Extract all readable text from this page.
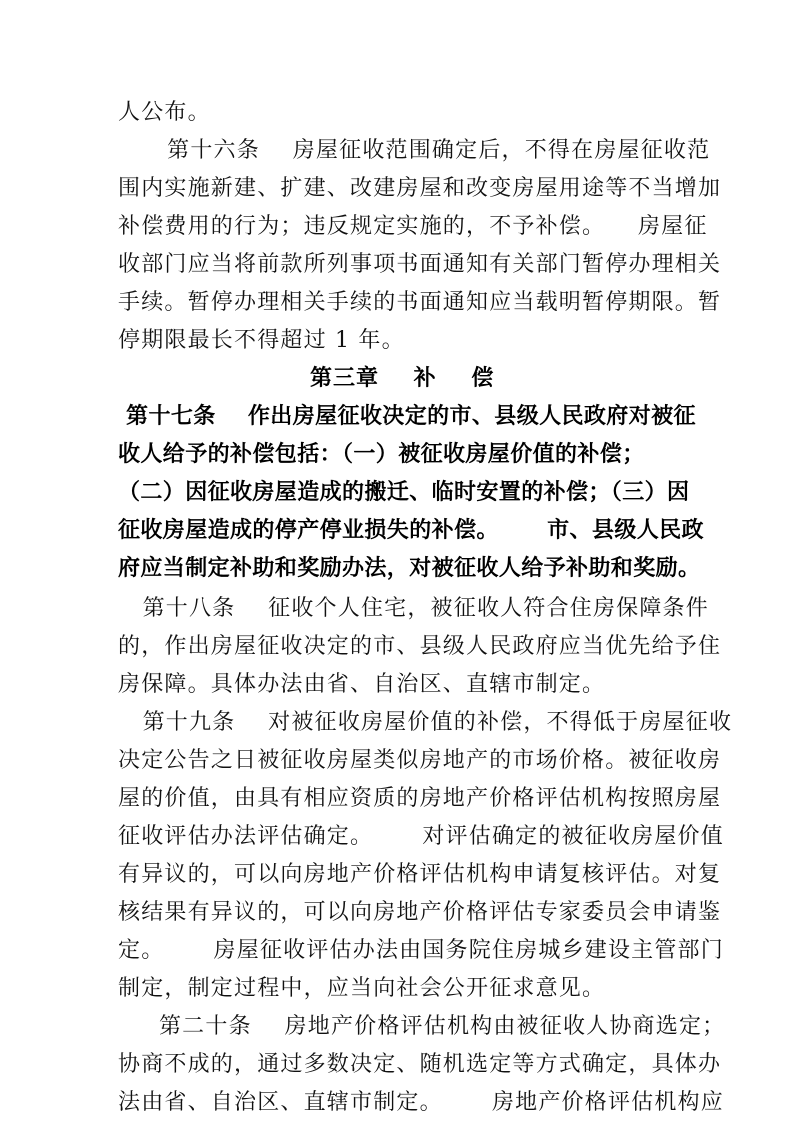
人公布。
第十六条    房屋征收范围确定后，不得在房屋征收范
围内实施新建、扩建、改建房屋和改变房屋用途等不当增加
补偿费用的行为；违反规定实施的，不予补偿。    房屋征
收部门应当将前款所列事项书面通知有关部门暂停办理相关
手续。暂停办理相关手续的书面通知应当载明暂停期限。暂
停期限最长不得超过 1 年。
第三章    补    偿
第十七条    作出房屋征收决定的市、县级人民政府对被征
收人给予的补偿包括：（一）被征收房屋价值的补偿；
（二）因征收房屋造成的搬迁、临时安置的补偿；（三）因
征收房屋造成的停产停业损失的补偿。      市、县级人民政
府应当制定补助和奖励办法，对被征收人给予补助和奖励。
第十八条    征收个人住宅，被征收人符合住房保障条件
的，作出房屋征收决定的市、县级人民政府应当优先给予住
房保障。具体办法由省、自治区、直辖市制定。
第十九条    对被征收房屋价值的补偿，不得低于房屋征收
决定公告之日被征收房屋类似房地产的市场价格。被征收房
屋的价值，由具有相应资质的房地产价格评估机构按照房屋
征收评估办法评估确定。      对评估确定的被征收房屋价值
有异议的，可以向房地产价格评估机构申请复核评估。对复
核结果有异议的，可以向房地产价格评估专家委员会申请鉴
定。      房屋征收评估办法由国务院住房城乡建设主管部门
制定，制定过程中，应当向社会公开征求意见。
第二十条    房地产价格评估机构由被征收人协商选定；
协商不成的，通过多数决定、随机选定等方式确定，具体办
法由省、自治区、直辖市制定。      房地产价格评估机构应
